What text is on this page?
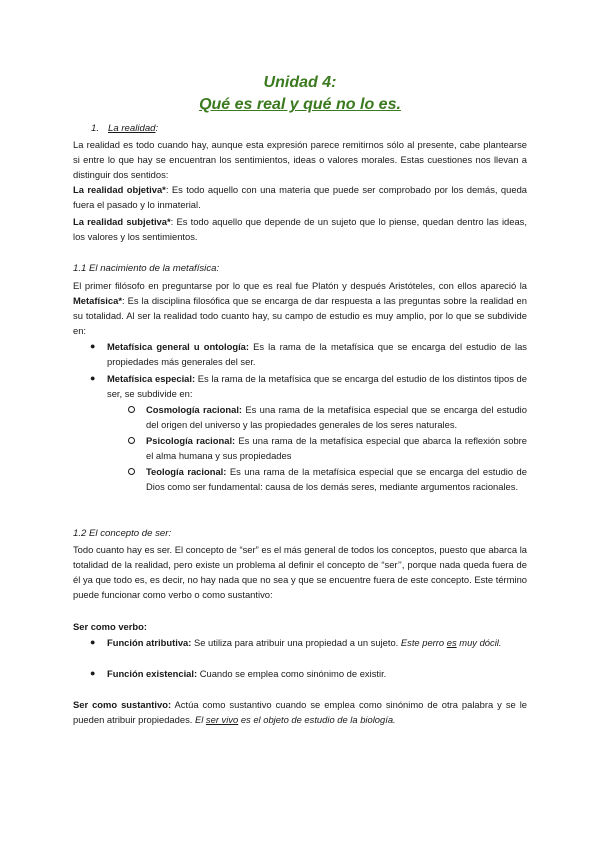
Unidad 4:
Qué es real y qué no lo es.
1. La realidad:
La realidad es todo cuando hay, aunque esta expresión parece remitirnos sólo al presente, cabe plantearse si entre lo que hay se encuentran los sentimientos, ideas o valores morales. Estas cuestiones nos llevan a distinguir dos sentidos:
La realidad objetiva*: Es todo aquello con una materia que puede ser comprobado por los demás, queda fuera el pasado y lo inmaterial.
La realidad subjetiva*: Es todo aquello que depende de un sujeto que lo piense, quedan dentro las ideas, los valores y los sentimientos.
1.1 El nacimiento de la metafísica:
El primer filósofo en preguntarse por lo que es real fue Platón y después Aristóteles, con ellos apareció la Metafísica*: Es la disciplina filosófica que se encarga de dar respuesta a las preguntas sobre la realidad en su totalidad. Al ser la realidad todo cuanto hay, su campo de estudio es muy amplio, por lo que se subdivide en:
● Metafísica general u ontología: Es la rama de la metafísica que se encarga del estudio de las propiedades más generales del ser.
● Metafísica especial: Es la rama de la metafísica que se encarga del estudio de los distintos tipos de ser, se subdivide en:
Cosmología racional: Es una rama de la metafísica especial que se encarga del estudio del origen del universo y las propiedades generales de los seres naturales.
Psicología racional: Es una rama de la metafísica especial que abarca la reflexión sobre el alma humana y sus propiedades
Teología racional: Es una rama de la metafísica especial que se encarga del estudio de Dios como ser fundamental: causa de los demás seres, mediante argumentos racionales.
1.2 El concepto de ser:
Todo cuanto hay es ser. El concepto de “ser” es el más general de todos los conceptos, puesto que abarca la totalidad de la realidad, pero existe un problema al definir el concepto de “ser’’, porque nada queda fuera de él ya que todo es, es decir, no hay nada que no sea y que se encuentre fuera de este concepto. Este término puede funcionar como verbo o como sustantivo:
Ser como verbo:
● Función atributiva: Se utiliza para atribuir una propiedad a un sujeto. Este perro es muy dócil.
● Función existencial: Cuando se emplea como sinónimo de existir.
Ser como sustantivo: Actúa como sustantivo cuando se emplea como sinónimo de otra palabra y se le pueden atribuir propiedades. El ser vivo es el objeto de estudio de la biología.
